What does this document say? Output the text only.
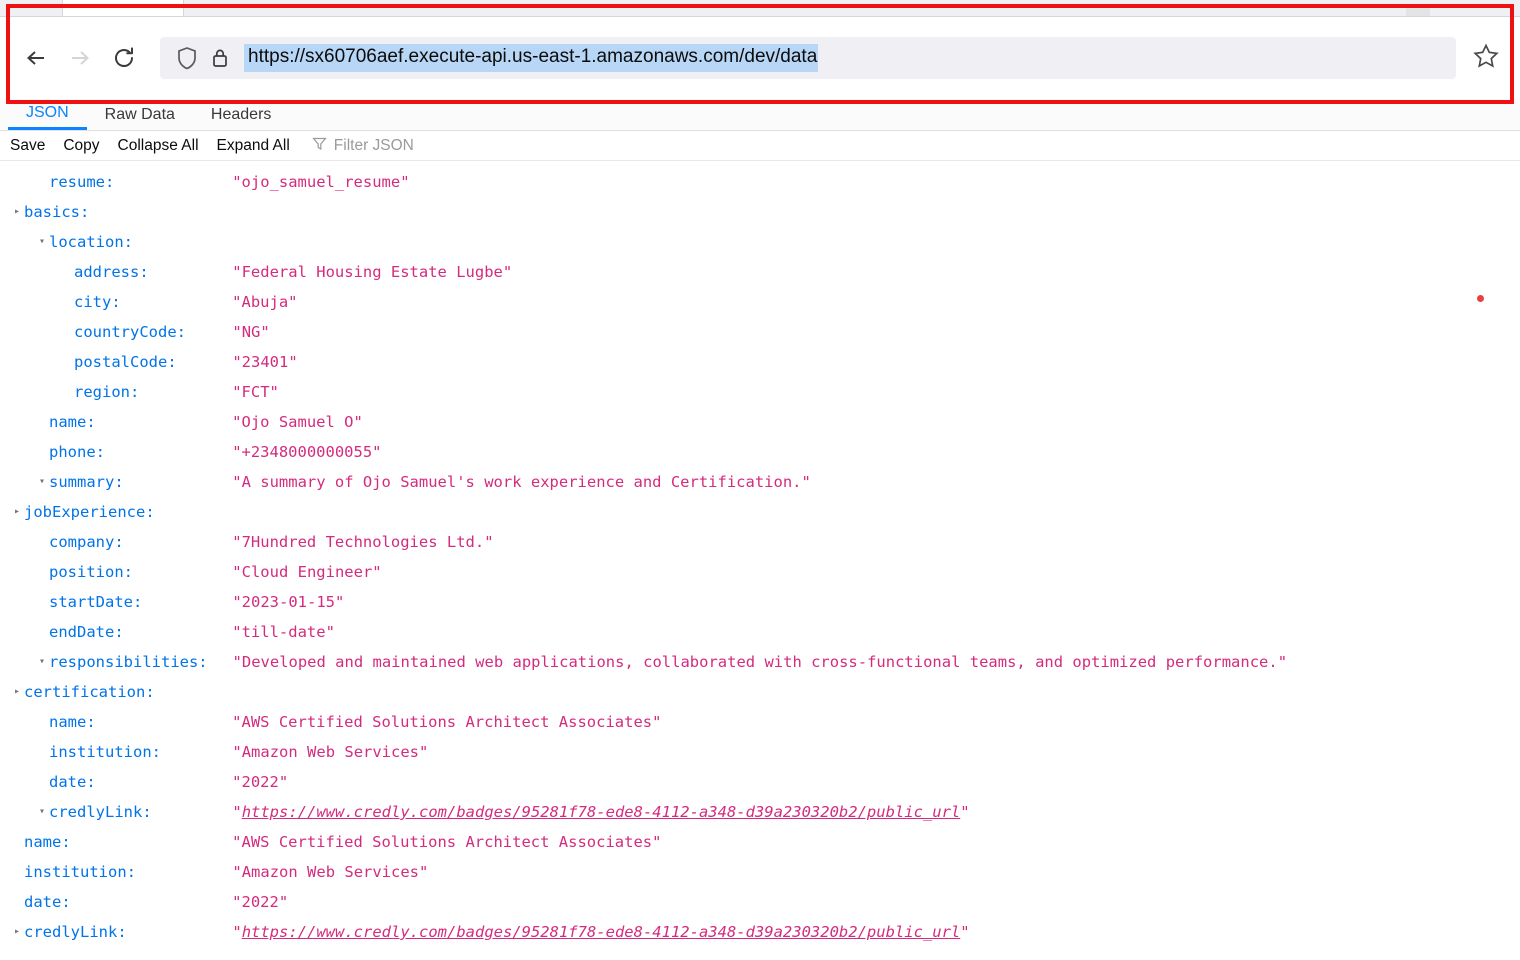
https://sx60706aef.execute-api.us-east-1.amazonaws.com/dev/data
JSON Raw Data Headers
Save Copy Collapse All Expand All	Filter JSON
resume:	"ojo_samuel_resume"
▸ basics:
▾ location:
address:	"Federal Housing Estate Lugbe"
city:	"Abuja"
countryCode:	"NG"
postalCode:	"23401"
region:	"FCT"
name:	"Ojo Samuel O"
phone:	"+2348000000055"
▾ summary:	"A summary of Ojo Samuel's work experience and Certification."
▸ jobExperience:
company:	"7Hundred Technologies Ltd."
position:	"Cloud Engineer"
startDate:	"2023-01-15"
endDate:	"till-date"
▾ responsibilities: "Developed and maintained web applications, collaborated with cross-functional teams, and optimized performance."
▸ certification:
name:	"AWS Certified Solutions Architect Associates"
institution:	"Amazon Web Services"
date:	"2022"
▾ credlyLink:	"https://www.credly.com/badges/95281f78-ede8-4112-a348-d39a230320b2/public_url"
name:	"AWS Certified Solutions Architect Associates"
institution:	"Amazon Web Services"
date:	"2022"
▸ credlyLink:	"https://www.credly.com/badges/95281f78-ede8-4112-a348-d39a230320b2/public_url"
